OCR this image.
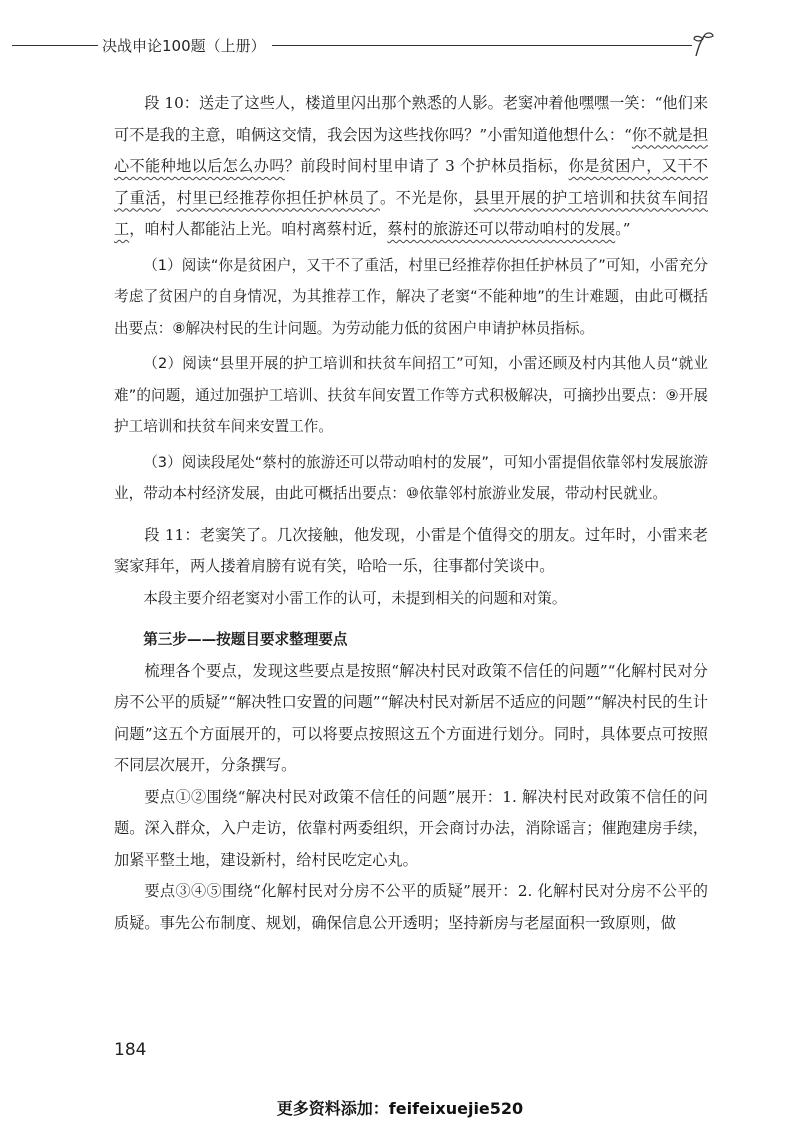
决战申论100题（上册）

段 10：送走了这些人，楼道里闪出那个熟悉的人影。老窦冲着他嘿嘿一笑：“他们来可不是我的主意，咱俩这交情，我会因为这些找你吗？”小雷知道他想什么：“你不就是担心不能种地以后怎么办吗？前段时间村里申请了 3 个护林员指标，你是贫困户，又干不了重活，村里已经推荐你担任护林员了。不光是你，县里开展的护工培训和扶贫车间招工，咱村人都能沾上光。咱村离蔡村近，蔡村的旅游还可以带动咱村的发展。”

（1）阅读“你是贫困户，又干不了重活，村里已经推荐你担任护林员了”可知，小雷充分考虑了贫困户的自身情况，为其推荐工作，解决了老窦“不能种地”的生计难题，由此可概括出要点：⑧解决村民的生计问题。为劳动能力低的贫困户申请护林员指标。

（2）阅读“县里开展的护工培训和扶贫车间招工”可知，小雷还顾及村内其他人员“就业难”的问题，通过加强护工培训、扶贫车间安置工作等方式积极解决，可摘抄出要点：⑨开展护工培训和扶贫车间来安置工作。

（3）阅读段尾处“蔡村的旅游还可以带动咱村的发展”，可知小雷提倡依靠邻村发展旅游业，带动本村经济发展，由此可概括出要点：⑩依靠邻村旅游业发展，带动村民就业。

段 11：老窦笑了。几次接触，他发现，小雷是个值得交的朋友。过年时，小雷来老窦家拜年，两人搂着肩膀有说有笑，哈哈一乐，往事都付笑谈中。

本段主要介绍老窦对小雷工作的认可，未提到相关的问题和对策。

第三步——按题目要求整理要点

梳理各个要点，发现这些要点是按照“解决村民对政策不信任的问题”“化解村民对分房不公平的质疑”“解决牲口安置的问题”“解决村民对新居不适应的问题”“解决村民的生计问题”这五个方面展开的，可以将要点按照这五个方面进行划分。同时，具体要点可按照不同层次展开，分条撰写。

要点①②围绕“解决村民对政策不信任的问题”展开：1. 解决村民对政策不信任的问题。深入群众，入户走访，依靠村两委组织，开会商讨办法，消除谣言；催跑建房手续，加紧平整土地，建设新村，给村民吃定心丸。

要点③④⑤围绕“化解村民对分房不公平的质疑”展开：2. 化解村民对分房不公平的质疑。事先公布制度、规划，确保信息公开透明；坚持新房与老屋面积一致原则，做

184
更多资料添加：feifeixuejie520
